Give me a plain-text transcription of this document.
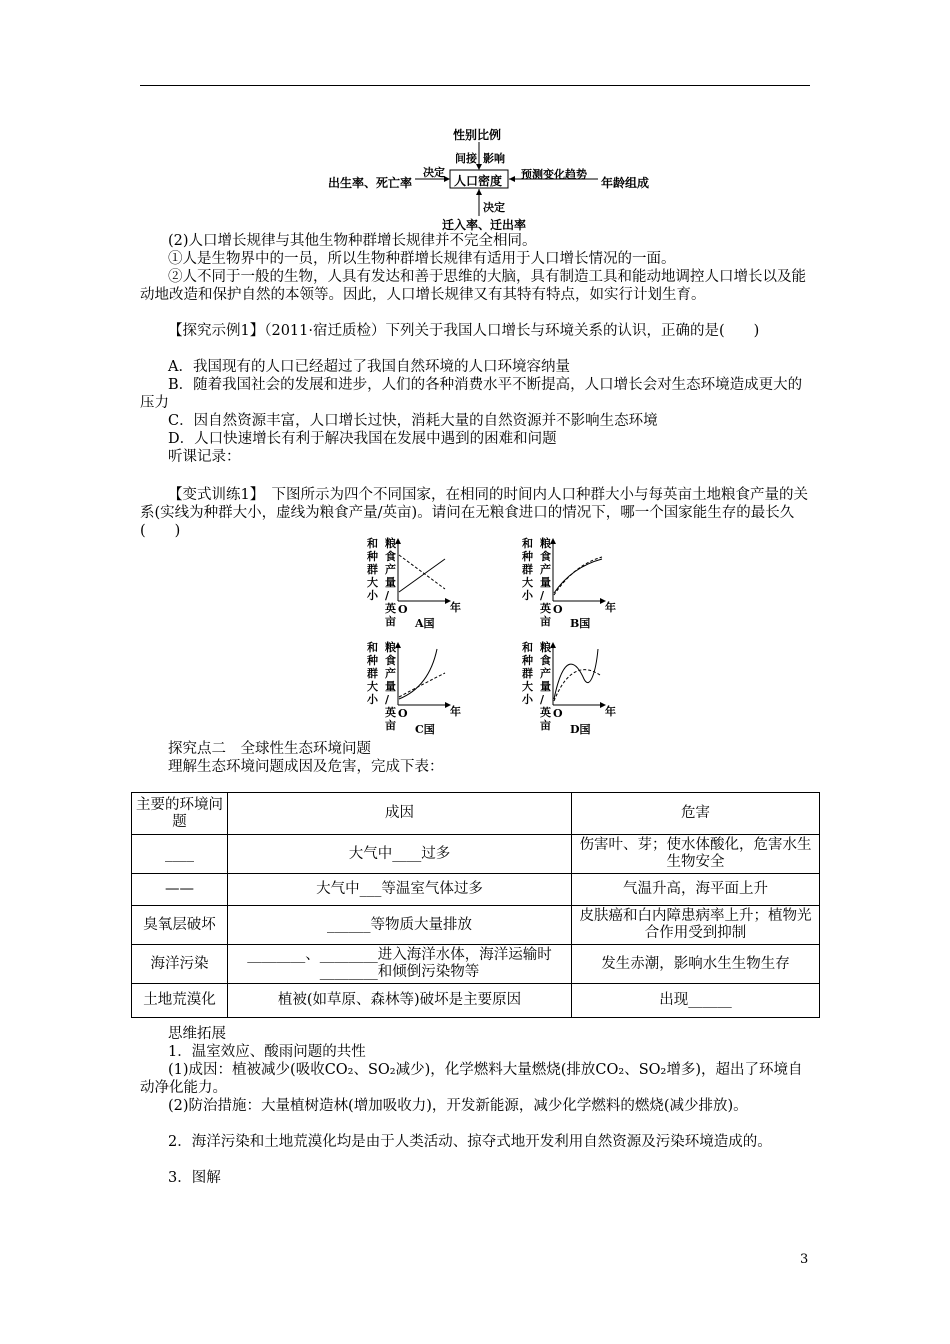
性别比例
间接 影响
人口密度
出生率、死亡率
决定	预测变化趋势
年龄组成
决定
迁入率、迁出率
(2)人口增长规律与其他生物种群增长规律并不完全相同。
①人是生物界中的一员，所以生物种群增长规律有适用于人口增长情况的一面。
②人不同于一般的生物，人具有发达和善于思维的大脑，具有制造工具和能动地调控人口增长以及能动地改造和保护自然的本领等。因此，人口增长规律又有其特有特点，如实行计划生育。
【探究示例1】（2011·宿迁质检）下列关于我国人口增长与环境关系的认识，正确的是(　　)
A．我国现有的人口已经超过了我国自然环境的人口环境容纳量
B．随着我国社会的发展和进步，人们的各种消费水平不断提高，人口增长会对生态环境造成更大的压力
C．因自然资源丰富，人口增长过快，消耗大量的自然资源并不影响生态环境
D．人口快速增长有利于解决我国在发展中遇到的困难和问题
听课记录：
【变式训练1】　下图所示为四个不同国家，在相同的时间内人口种群大小与每英亩土地粮食产量的关系(实线为种群大小，虚线为粮食产量/英亩)。请问在无粮食进口的情况下，哪一个国家能生存的最长久(　　)
和
种
群
大
小
粮
食
产
量
/
英
亩
O	年
A国
和
种
群
大
小
粮
食
产
量
/
英
亩
O	年
B国
和
种
群
大
小
粮
食
产
量
/
英
亩
O	年
C国
和
种
群
大
小
粮
食
产
量
/
英
亩
O	年
D国
探究点二　全球性生态环境问题
理解生态环境问题成因及危害，完成下表：
主要的环境问题	成因	危害
____	大气中____过多	伤害叶、芽；使水体酸化，危害水生生物安全
——	大气中___等温室气体过多	气温升高，海平面上升
臭氧层破坏	______等物质大量排放	皮肤癌和白内障患病率上升；植物光合作用受到抑制
海洋污染	________、________进入海洋水体，海洋运输时________和倾倒污染物等	发生赤潮，影响水生生物生存
土地荒漠化	植被(如草原、森林等)破坏是主要原因	出现______
思维拓展
1．温室效应、酸雨问题的共性
(1)成因：植被减少(吸收CO₂、SO₂减少)，化学燃料大量燃烧(排放CO₂、SO₂增多)，超出了环境自动净化能力。
(2)防治措施：大量植树造林(增加吸收力)，开发新能源，减少化学燃料的燃烧(减少排放)。
2．海洋污染和土地荒漠化均是由于人类活动、掠夺式地开发利用自然资源及污染环境造成的。
3．图解
3
